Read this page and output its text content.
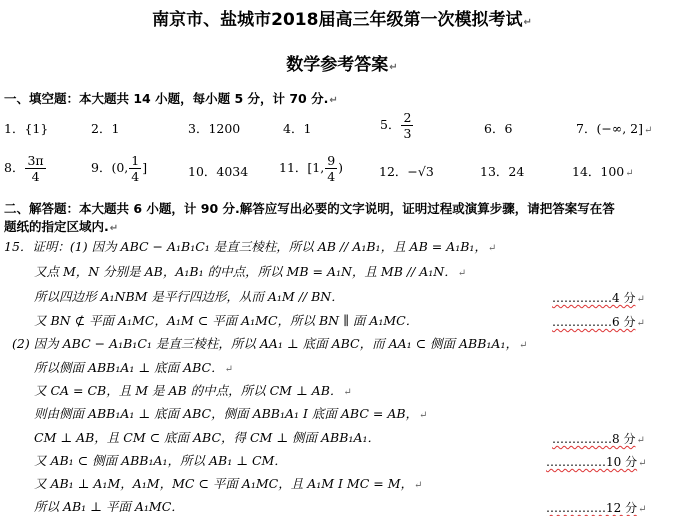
南京市、盐城市2018届高三年级第一次模拟考试↵
数学参考答案↵
一、填空题：本大题共 14 小题，每小题 5 分，计 70 分.↵
1．{1}	2．1	3．1200	4．1	5． $\frac{2}{3}$	6．6	7．(−∞, 2]↵
8． $\frac{3\pi}{4}$	9．(0, $\frac{1}{4}$ ]	10．4034 11．[1, $\frac{9}{4}$ )	12．−√3	13．24	14．100↵
二、解答题：本大题共 6 小题，计 90 分.解答应写出必要的文字说明，证明过程或演算步骤，请把答案写在答
题纸的指定区域内.↵
15．证明：(1) 因为 ABC − A₁B₁C₁ 是直三棱柱，所以 AB // A₁B₁，且 AB = A₁B₁，↵
又点 M，N 分别是 AB，A₁B₁ 的中点，所以 MB = A₁N，且 MB // A₁N．↵
所以四边形 A₁NBM 是平行四边形，从而 A₁M // BN．	……………4 分↵
又 BN ⊄ 平面 A₁MC，A₁M ⊂ 平面 A₁MC，所以 BN ∥ 面 A₁MC．	……………6 分↵
(2) 因为 ABC − A₁B₁C₁ 是直三棱柱，所以 AA₁ ⊥ 底面 ABC，而 AA₁ ⊂ 侧面 ABB₁A₁，↵
所以侧面 ABB₁A₁ ⊥ 底面 ABC．↵
又 CA = CB，且 M 是 AB 的中点，所以 CM ⊥ AB．↵
则由侧面 ABB₁A₁ ⊥ 底面 ABC，侧面 ABB₁A₁ I 底面 ABC = AB，↵
CM ⊥ AB，且 CM ⊂ 底面 ABC，得 CM ⊥ 侧面 ABB₁A₁．	……………8 分↵
又 AB₁ ⊂ 侧面 ABB₁A₁，所以 AB₁ ⊥ CM．	……………10 分↵
又 AB₁ ⊥ A₁M，A₁M，MC ⊂ 平面 A₁MC，且 A₁M I MC = M，↵
所以 AB₁ ⊥ 平面 A₁MC．	……………12 分↵
